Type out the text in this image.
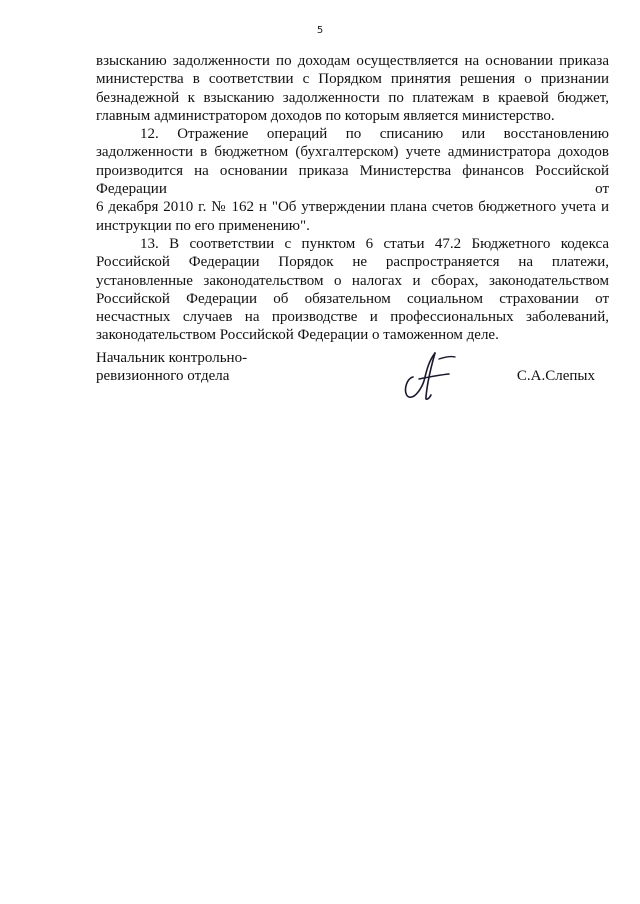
5
взысканию задолженности по доходам осуществляется на основании приказа
министерства в соответствии с Порядком принятия решения о признании
безнадежной к взысканию задолженности по платежам в краевой бюджет,
главным администратором доходов по которым является министерство.
12.   Отражение   операций   по   списанию   или   восстановлению
задолженности в бюджетном (бухгалтерском) учете администратора доходов
производится на основании приказа Министерства финансов Российской
Федерации	от
6 декабря 2010 г. № 162 н "Об утверждении плана счетов бюджетного учета и
инструкции по его применению".
13. В соответствии с пунктом 6 статьи 47.2 Бюджетного кодекса
Российской Федерации Порядок не распространяется на платежи,
установленные законодательством о налогах и сборах, законодательством
Российской Федерации об обязательном социальном страховании от
несчастных случаев на производстве и профессиональных заболеваний,
законодательством Российской Федерации о таможенном деле.
Начальник контрольно-
ревизионного отдела	С.А.Слепых
